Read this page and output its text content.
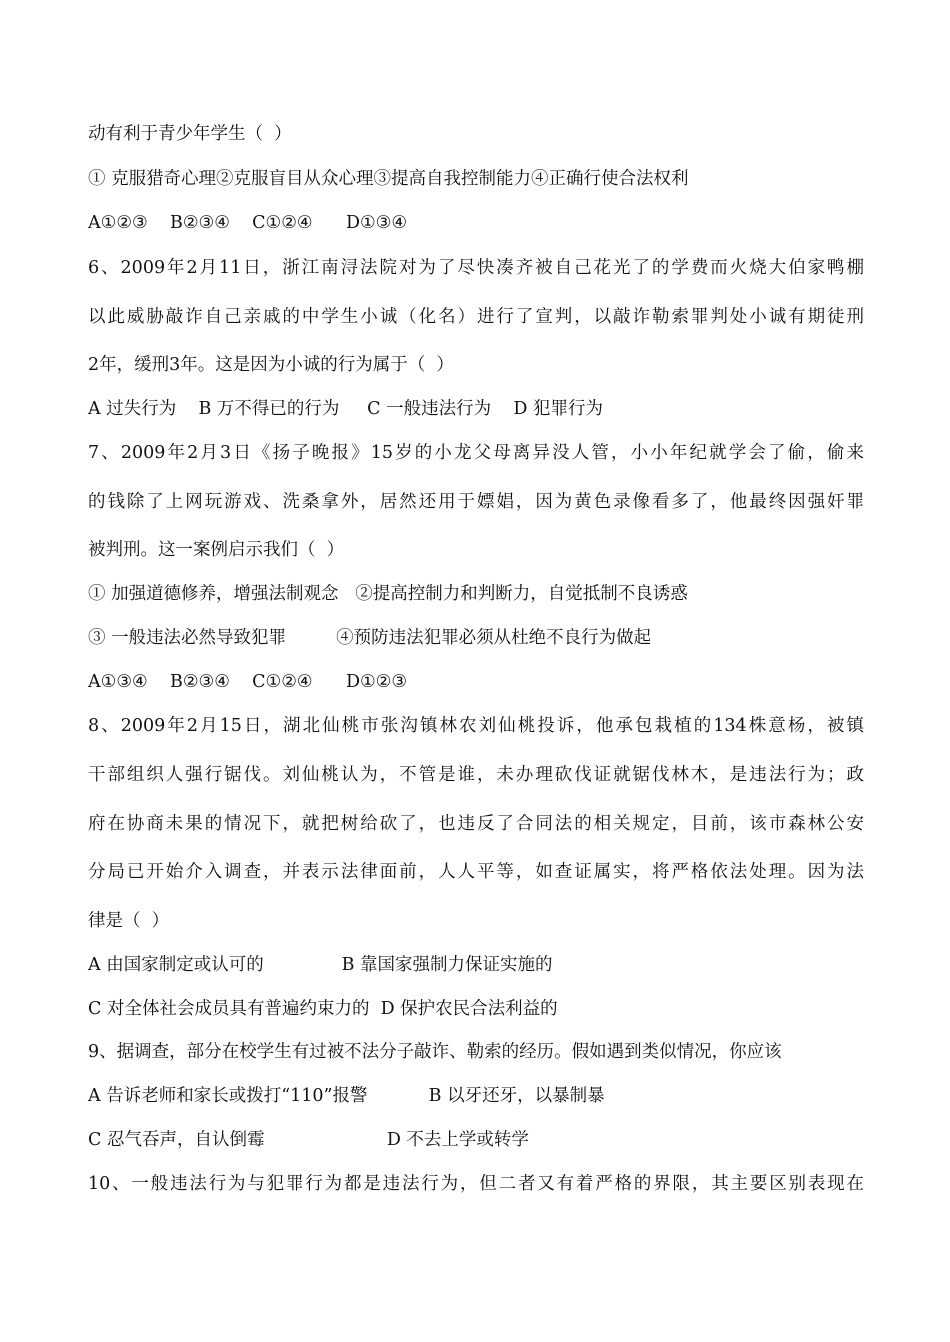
动有利于青少年学生（  ）
① 克服猎奇心理②克服盲目从众心理③提高自我控制能力④正确行使合法权利
A①②③    B②③④    C①②④      D①③④
6、2009年2月11日，浙江南浔法院对为了尽快凑齐被自己花光了的学费而火烧大伯家鸭棚
以此威胁敲诈自己亲戚的中学生小诚（化名）进行了宣判，以敲诈勒索罪判处小诚有期徒刑
2年，缓刑3年。这是因为小诚的行为属于（  ）
A 过失行为    B 万不得已的行为     C 一般违法行为    D 犯罪行为
7、2009年2月3日《扬子晚报》15岁的小龙父母离异没人管，小小年纪就学会了偷，偷来
的钱除了上网玩游戏、洗桑拿外，居然还用于嫖娼，因为黄色录像看多了，他最终因强奸罪
被判刑。这一案例启示我们（  ）
① 加强道德修养，增强法制观念   ②提高控制力和判断力，自觉抵制不良诱惑
③ 一般违法必然导致犯罪         ④预防违法犯罪必须从杜绝不良行为做起
A①③④    B②③④    C①②④      D①②③
8、2009年2月15日，湖北仙桃市张沟镇林农刘仙桃投诉，他承包栽植的134株意杨，被镇
干部组织人强行锯伐。刘仙桃认为，不管是谁，未办理砍伐证就锯伐林木，是违法行为；政
府在协商未果的情况下，就把树给砍了，也违反了合同法的相关规定，目前，该市森林公安
分局已开始介入调查，并表示法律面前，人人平等，如查证属实，将严格依法处理。因为法
律是（  ）
A 由国家制定或认可的              B 靠国家强制力保证实施的
C 对全体社会成员具有普遍约束力的  D 保护农民合法利益的
9、据调查，部分在校学生有过被不法分子敲诈、勒索的经历。假如遇到类似情况，你应该
A 告诉老师和家长或拨打“110”报警           B 以牙还牙，以暴制暴
C 忍气吞声，自认倒霉                      D 不去上学或转学
10、一般违法行为与犯罪行为都是违法行为，但二者又有着严格的界限，其主要区别表现在
